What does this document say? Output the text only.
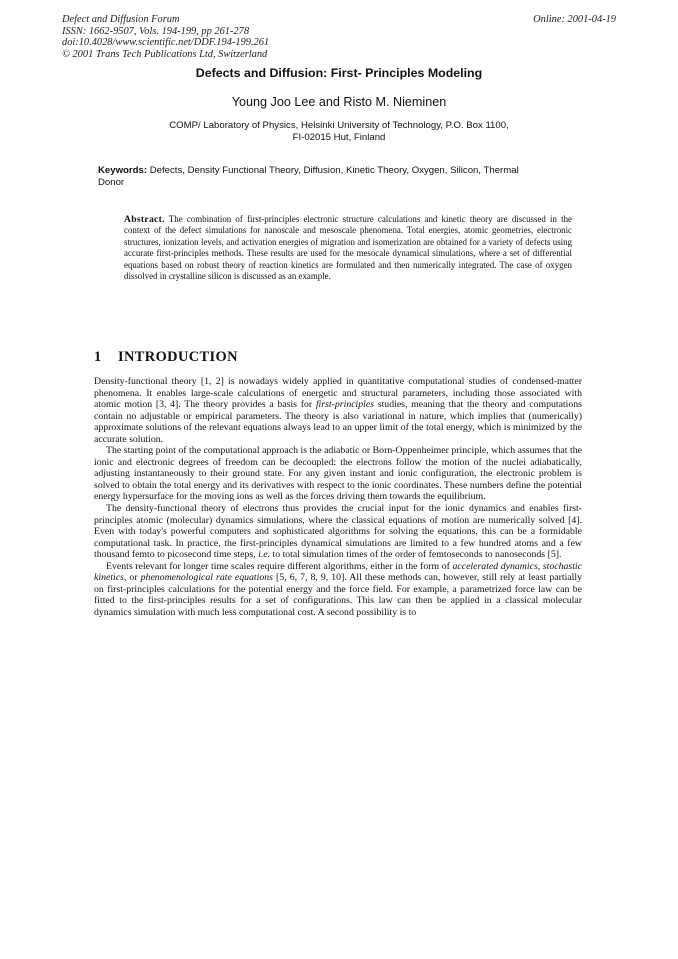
Defect and Diffusion Forum
ISSN: 1662-9507, Vols. 194-199, pp 261-278
doi:10.4028/www.scientific.net/DDF.194-199.261
© 2001 Trans Tech Publications Ltd, Switzerland
Online: 2001-04-19
Defects and Diffusion: First- Principles Modeling
Young Joo Lee and Risto M. Nieminen
COMP/ Laboratory of Physics, Helsinki University of Technology, P.O. Box 1100,
FI-02015 Hut, Finland
Keywords: Defects, Density Functional Theory, Diffusion, Kinetic Theory, Oxygen, Silicon, Thermal Donor
Abstract. The combination of first-principles electronic structure calculations and kinetic theory are discussed in the context of the defect simulations for nanoscale and mesoscale phenomena. Total energies, atomic geometries, electronic structures, ionization levels, and activation energies of migration and isomerization are obtained for a variety of defects using accurate first-principles methods. These results are used for the mesocale dynamical simulations, where a set of differential equations based on robust theory of reaction kinetics are formulated and then numerically integrated. The case of oxygen dissolved in crystalline silicon is discussed as an example.
1 INTRODUCTION

Density-functional theory [1, 2] is nowadays widely applied in quantitative computational studies of condensed-matter phenomena. It enables large-scale calculations of energetic and structural parameters, including those associated with atomic motion [3, 4]. The theory provides a basis for first-principles studies, meaning that the theory and computations contain no adjustable or empirical parameters. The theory is also variational in nature, which implies that (numerically) approximate solutions of the relevant equations always lead to an upper limit of the total energy, which is minimized by the accurate solution.

The starting point of the computational approach is the adiabatic or Born-Oppenheimer principle, which assumes that the ionic and electronic degrees of freedom can be decoupled: the electrons follow the motion of the nuclei adiabatically, adjusting instantaneously to their ground state. For any given instant and ionic configuration, the electronic problem is solved to obtain the total energy and its derivatives with respect to the ionic coordinates. These numbers define the potential energy hypersurface for the moving ions as well as the forces driving them towards the equilibrium.

The density-functional theory of electrons thus provides the crucial input for the ionic dynamics and enables first-principles atomic (molecular) dynamics simulations, where the classical equations of motion are numerically solved [4]. Even with today's powerful computers and sophisticated algorithms for solving the equations, this can be a formidable computational task. In practice, the first-principles dynamical simulations are limited to a few hundred atoms and a few thousand femto to picosecond time steps, i.e. to total simulation times of the order of femtoseconds to nanoseconds [5].

Events relevant for longer time scales require different algorithms, either in the form of accelerated dynamics, stochastic kinetics, or phenomenological rate equations [5, 6, 7, 8, 9, 10]. All these methods can, however, still rely at least partially on first-principles calculations for the potential energy and the force field. For example, a parametrized force law can be fitted to the first-principles results for a set of configurations. This law can then be applied in a classical molecular dynamics simulation with much less computational cost. A second possibility is to
